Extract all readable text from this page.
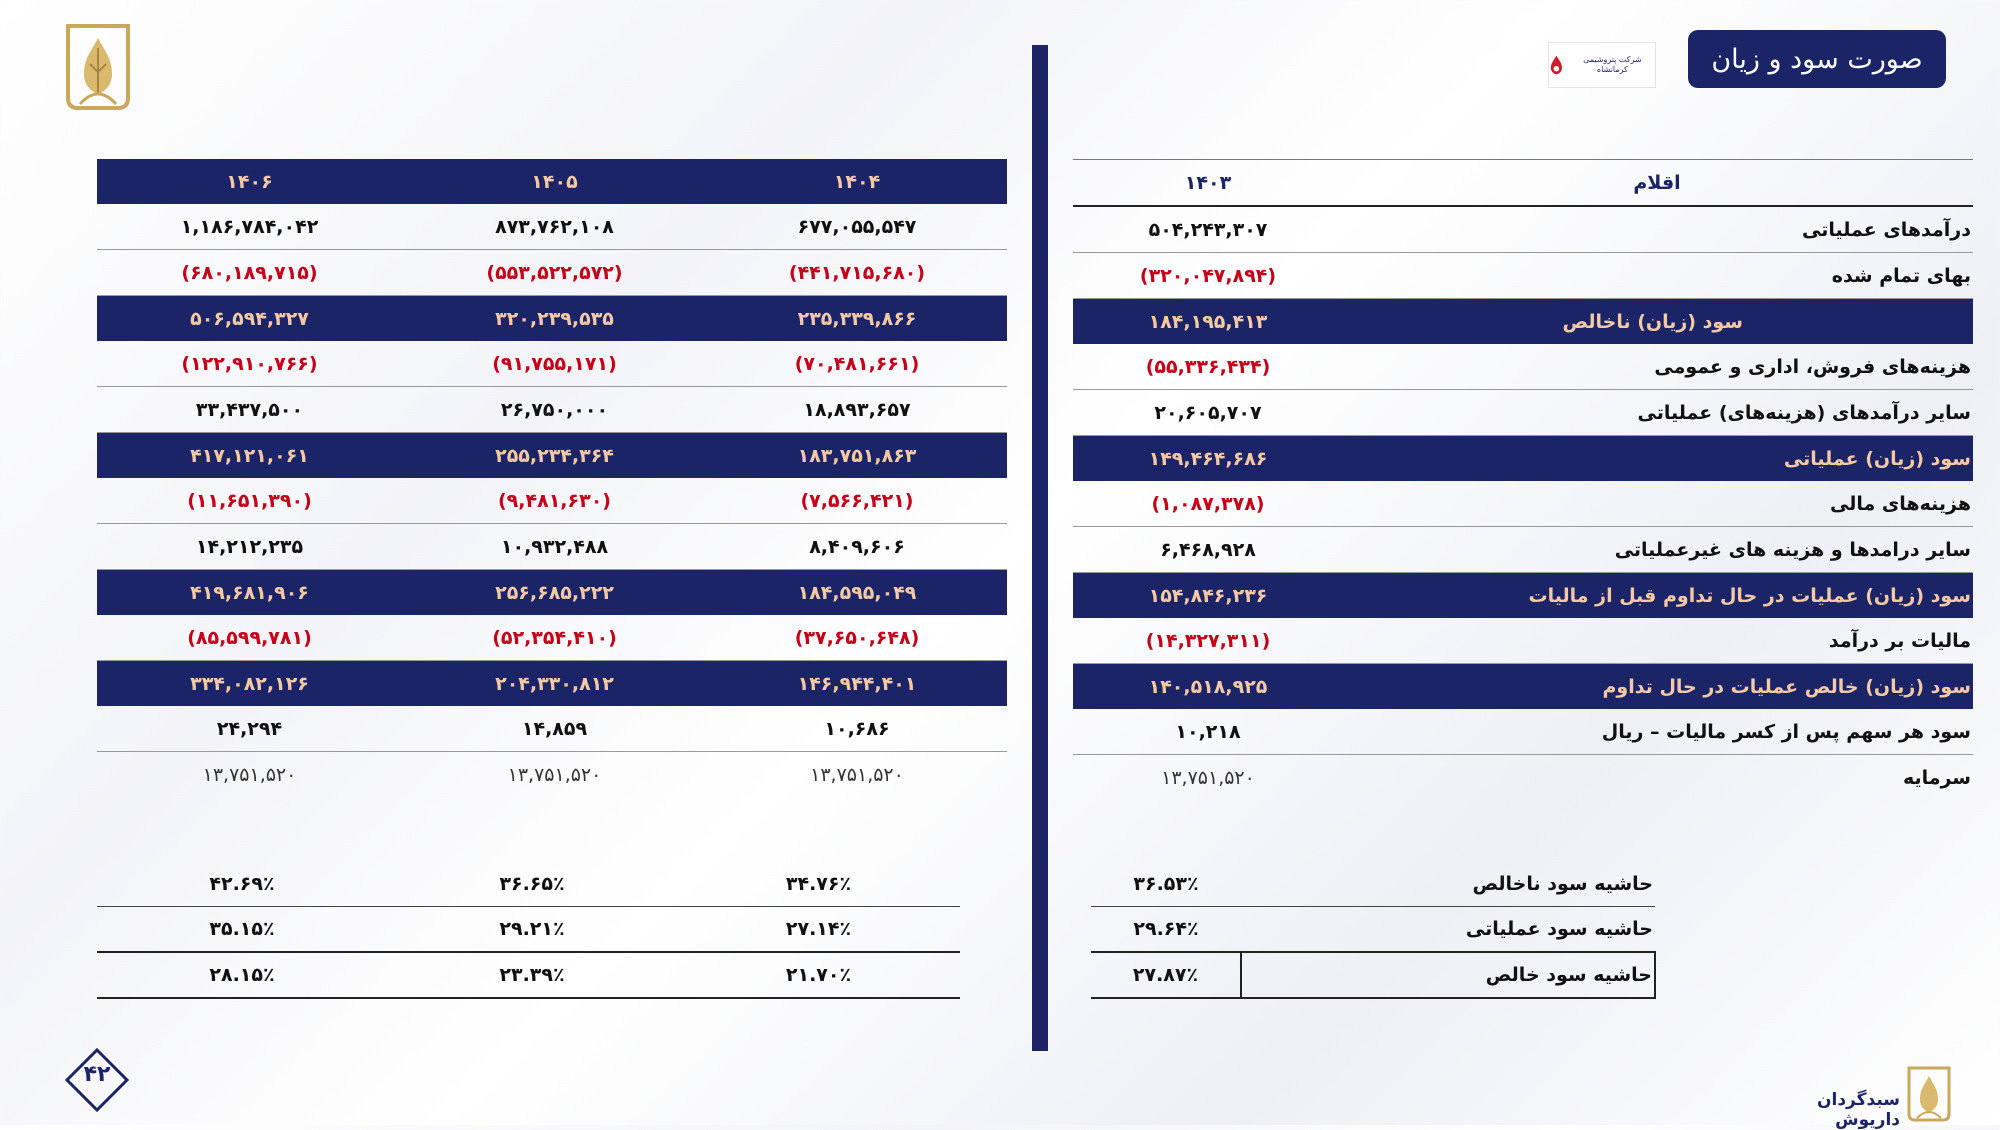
صورت سود و زیان
شرکت پتروشیمی کرمانشاه
۱۴۰۶	۱۴۰۵	۱۴۰۴
۱,۱۸۶,۷۸۴,۰۴۲	۸۷۳,۷۶۲,۱۰۸	۶۷۷,۰۵۵,۵۴۷
(۶۸۰,۱۸۹,۷۱۵)	(۵۵۳,۵۲۲,۵۷۲)	(۴۴۱,۷۱۵,۶۸۰)
۵۰۶,۵۹۴,۳۲۷	۳۲۰,۲۳۹,۵۳۵	۲۳۵,۳۳۹,۸۶۶
(۱۲۲,۹۱۰,۷۶۶)	(۹۱,۷۵۵,۱۷۱)	(۷۰,۴۸۱,۶۶۱)
۳۳,۴۳۷,۵۰۰	۲۶,۷۵۰,۰۰۰	۱۸,۸۹۳,۶۵۷
۴۱۷,۱۲۱,۰۶۱	۲۵۵,۲۳۴,۳۶۴	۱۸۳,۷۵۱,۸۶۳
(۱۱,۶۵۱,۳۹۰)	(۹,۴۸۱,۶۳۰)	(۷,۵۶۶,۴۲۱)
۱۴,۲۱۲,۲۳۵	۱۰,۹۳۲,۴۸۸	۸,۴۰۹,۶۰۶
۴۱۹,۶۸۱,۹۰۶	۲۵۶,۶۸۵,۲۲۲	۱۸۴,۵۹۵,۰۴۹
(۸۵,۵۹۹,۷۸۱)	(۵۲,۳۵۴,۴۱۰)	(۳۷,۶۵۰,۶۴۸)
۳۳۴,۰۸۲,۱۲۶	۲۰۴,۳۳۰,۸۱۲	۱۴۶,۹۴۴,۴۰۱
۲۴,۲۹۴	۱۴,۸۵۹	۱۰,۶۸۶
۱۳,۷۵۱,۵۲۰	۱۳,۷۵۱,۵۲۰	۱۳,۷۵۱,۵۲۰
۱۴۰۳	اقلام
۵۰۴,۲۴۳,۳۰۷	درآمدهای عملیاتی
(۳۲۰,۰۴۷,۸۹۴)	بهای تمام شده
۱۸۴,۱۹۵,۴۱۳	سود (زیان) ناخالص
(۵۵,۳۳۶,۴۳۴)	هزینه‌های فروش، اداری و عمومی
۲۰,۶۰۵,۷۰۷	سایر درآمدهای (هزینه‌های) عملیاتی
۱۴۹,۴۶۴,۶۸۶	سود (زیان) عملیاتی
(۱,۰۸۷,۳۷۸)	هزینه‌های مالی
۶,۴۶۸,۹۲۸	سایر درامدها و هزینه های غیرعملیاتی
۱۵۴,۸۴۶,۲۳۶	سود (زیان) عملیات در حال تداوم قبل از مالیات
(۱۴,۳۲۷,۳۱۱)	مالیات بر درآمد
۱۴۰,۵۱۸,۹۲۵	سود (زیان) خالص عملیات در حال تداوم
۱۰,۲۱۸	سود هر سهم پس از کسر مالیات – ریال
۱۳,۷۵۱,۵۲۰	سرمایه
۴۲.۶۹٪	۳۶.۶۵٪	۳۴.۷۶٪
۳۵.۱۵٪	۲۹.۲۱٪	۲۷.۱۴٪
۲۸.۱۵٪	۲۳.۳۹٪	۲۱.۷۰٪
۳۶.۵۳٪	حاشیه سود ناخالص
۲۹.۶۴٪	حاشیه سود عملیاتی
۲۷.۸۷٪	حاشیه سود خالص
۴۲
سبدگردان داریوش
